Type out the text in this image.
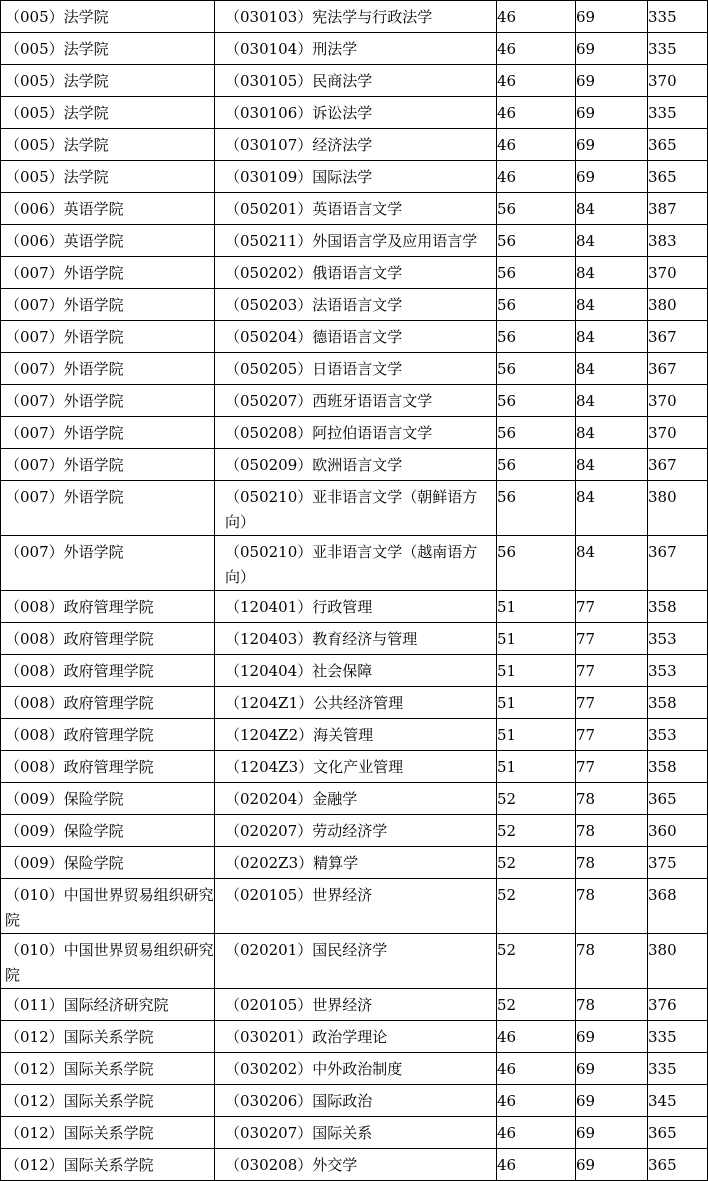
（005）法学院	（030103）宪法学与行政法学	46	69	335

（005）法学院	（030104）刑法学	46	69	335

（005）法学院	（030105）民商法学	46	69	370

（005）法学院	（030106）诉讼法学	46	69	335

（005）法学院	（030107）经济法学	46	69	365

（005）法学院	（030109）国际法学	46	69	365

（006）英语学院	（050201）英语语言文学	56	84	387

（006）英语学院	（050211）外国语言学及应用语言学	56	84	383

（007）外语学院	（050202）俄语语言文学	56	84	370

（007）外语学院	（050203）法语语言文学	56	84	380

（007）外语学院	（050204）德语语言文学	56	84	367

（007）外语学院	（050205）日语语言文学	56	84	367

（007）外语学院	（050207）西班牙语语言文学	56	84	370

（007）外语学院	（050208）阿拉伯语语言文学	56	84	370

（007）外语学院	（050209）欧洲语言文学	56	84	367

（007）外语学院	（050210）亚非语言文学（朝鲜语方向）	56	84	380

（007）外语学院	（050210）亚非语言文学（越南语方向）	56	84	367

（008）政府管理学院	（120401）行政管理	51	77	358

（008）政府管理学院	（120403）教育经济与管理	51	77	353

（008）政府管理学院	（120404）社会保障	51	77	353

（008）政府管理学院	（1204Z1）公共经济管理	51	77	358

（008）政府管理学院	（1204Z2）海关管理	51	77	353

（008）政府管理学院	（1204Z3）文化产业管理	51	77	358

（009）保险学院	（020204）金融学	52	78	365

（009）保险学院	（020207）劳动经济学	52	78	360

（009）保险学院	（0202Z3）精算学	52	78	375

（010）中国世界贸易组织研究院	（020105）世界经济	52	78	368

（010）中国世界贸易组织研究院	（020201）国民经济学	52	78	380

（011）国际经济研究院	（020105）世界经济	52	78	376

（012）国际关系学院	（030201）政治学理论	46	69	335

（012）国际关系学院	（030202）中外政治制度	46	69	335

（012）国际关系学院	（030206）国际政治	46	69	345

（012）国际关系学院	（030207）国际关系	46	69	365

（012）国际关系学院	（030208）外交学	46	69	365
